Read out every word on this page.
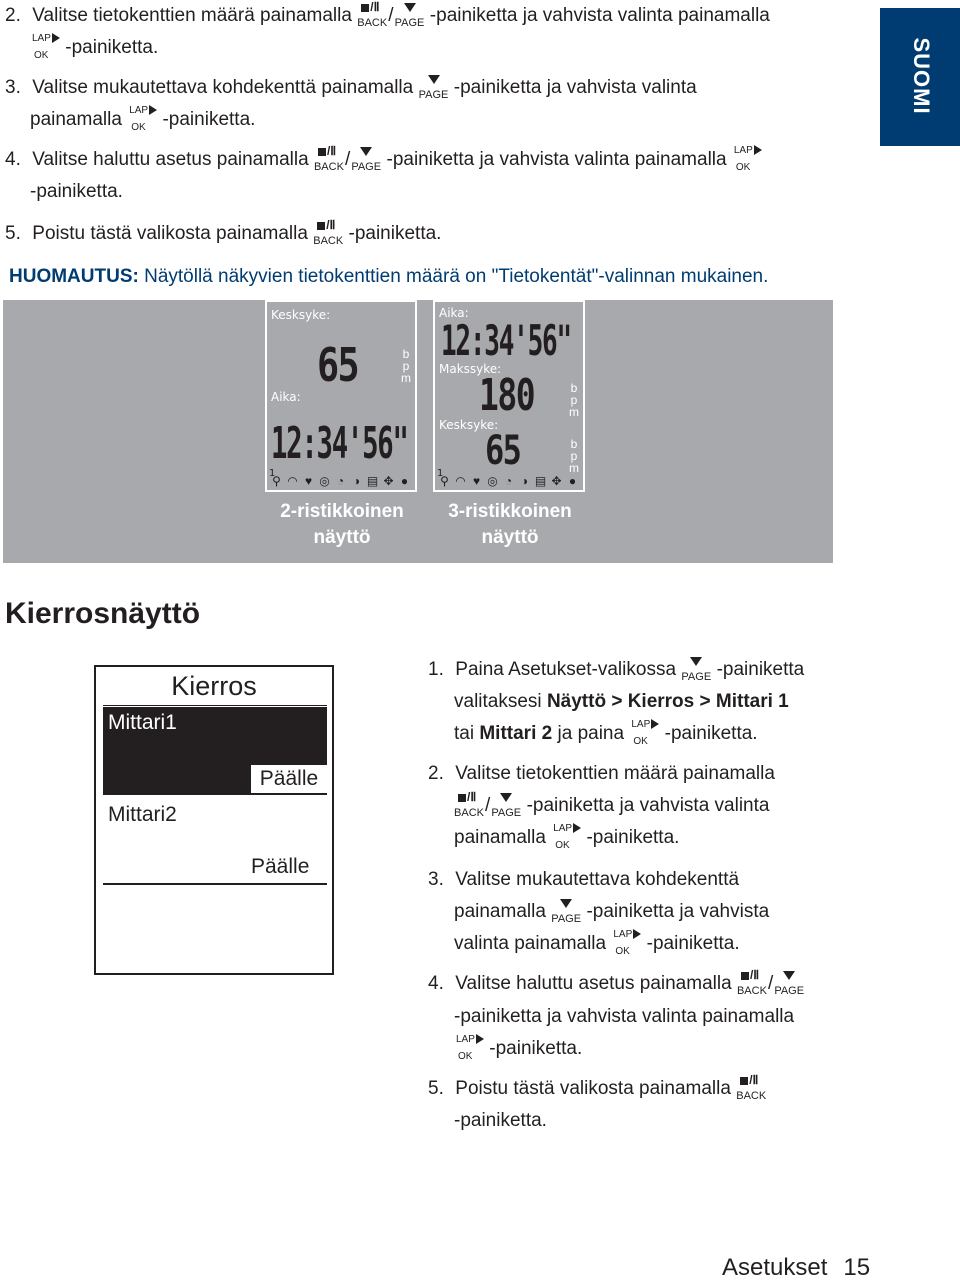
2. Valitse tietokenttien määrä painamalla /Ⅱ
BACK / PAGE -painiketta ja vahvista valinta painamalla
LAP
OK -painiketta.
3. Valitse mukautettava kohdekenttä painamalla PAGE -painiketta ja vahvista valinta
painamalla LAP
OK -painiketta.
4. Valitse haluttu asetus painamalla /Ⅱ
BACK / PAGE -painiketta ja vahvista valinta painamalla LAP
OK
-painiketta.
5. Poistu tästä valikosta painamalla /Ⅱ
BACK -painiketta.
SUOMI
HUOMAUTUS: Näytöllä näkyvien tietokenttien määrä on "Tietokentät"-valinnan mukainen.
Kesksyke:
65	b
p
m
Aika:
12:34'56"
1
⚲ ◠ ♥ ◎ ◔ ◑ ▤ ✥ ●
Aika:
12:34'56"
Makssyke:
180	b
p
m
Kesksyke:
65	b
p
m
1
⚲ ◠ ♥ ◎ ◔ ◑ ▤ ✥ ●
2-ristikkoinen
näyttö
3-ristikkoinen
näyttö
Kierrosnäyttö
Kierros
Mittari1
Päälle
Mittari2
Päälle
1. Paina Asetukset-valikossa PAGE -painiketta
valitaksesi Näyttö > Kierros > Mittari 1
tai Mittari 2 ja paina LAP
OK -painiketta.
2. Valitse tietokenttien määrä painamalla
/Ⅱ
BACK / PAGE -painiketta ja vahvista valinta
painamalla LAP
OK -painiketta.
3. Valitse mukautettava kohdekenttä
painamalla PAGE -painiketta ja vahvista
valinta painamalla LAP
OK -painiketta.
4. Valitse haluttu asetus painamalla /Ⅱ
BACK / PAGE
-painiketta ja vahvista valinta painamalla
LAP
OK -painiketta.
5. Poistu tästä valikosta painamalla /Ⅱ
BACK
-painiketta.
Asetukset 15
